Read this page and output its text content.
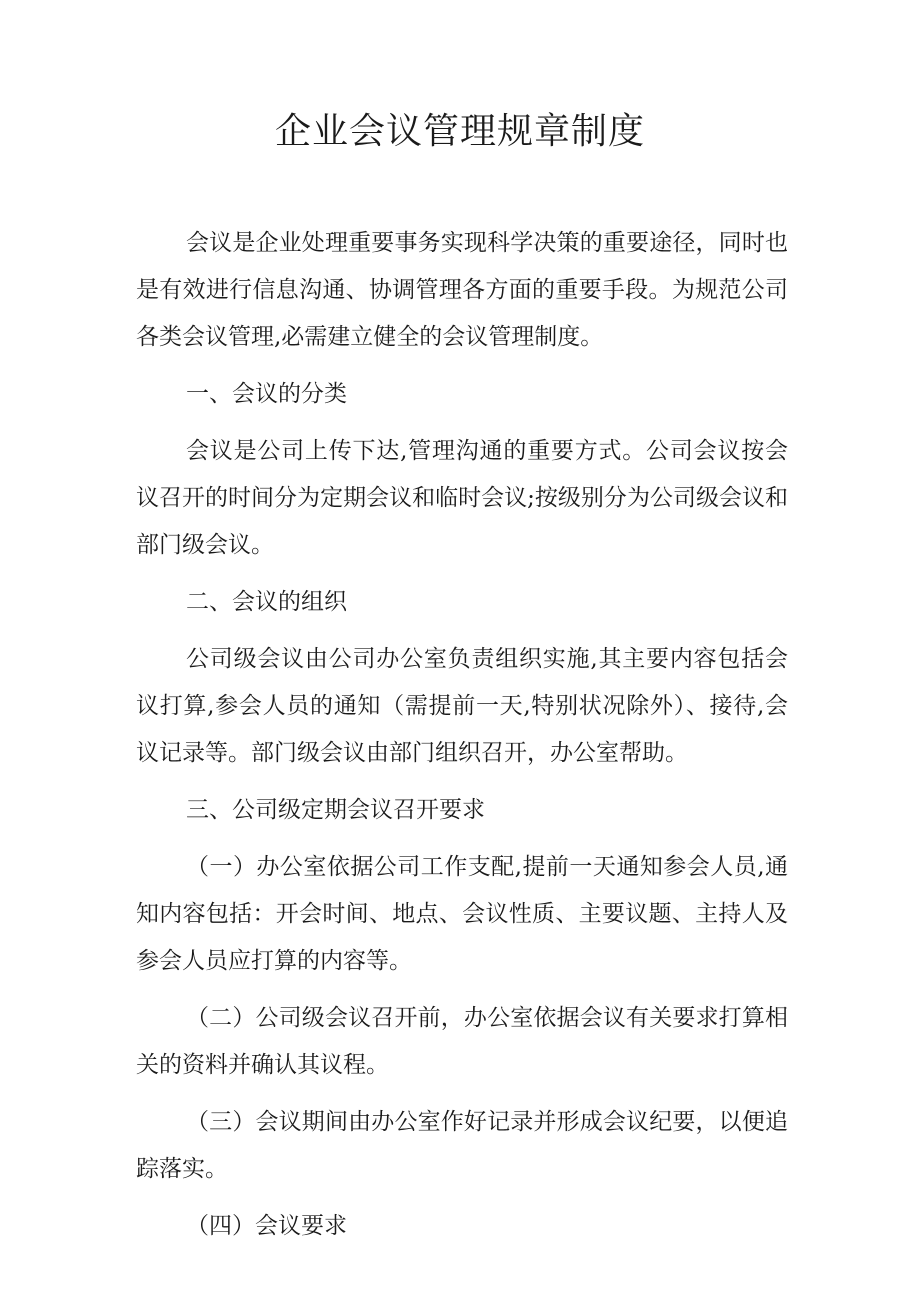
企业会议管理规章制度

会议是企业处理重要事务实现科学决策的重要途径，同时也是有效进行信息沟通、协调管理各方面的重要手段。为规范公司各类会议管理,必需建立健全的会议管理制度。

一、会议的分类

会议是公司上传下达,管理沟通的重要方式。公司会议按会议召开的时间分为定期会议和临时会议;按级别分为公司级会议和部门级会议。

二、会议的组织

公司级会议由公司办公室负责组织实施,其主要内容包括会议打算,参会人员的通知（需提前一天,特别状况除外）、接待,会议记录等。部门级会议由部门组织召开，办公室帮助。

三、公司级定期会议召开要求

（一）办公室依据公司工作支配,提前一天通知参会人员,通知内容包括：开会时间、地点、会议性质、主要议题、主持人及参会人员应打算的内容等。

（二）公司级会议召开前，办公室依据会议有关要求打算相关的资料并确认其议程。

（三）会议期间由办公室作好记录并形成会议纪要，以便追踪落实。

（四）会议要求
